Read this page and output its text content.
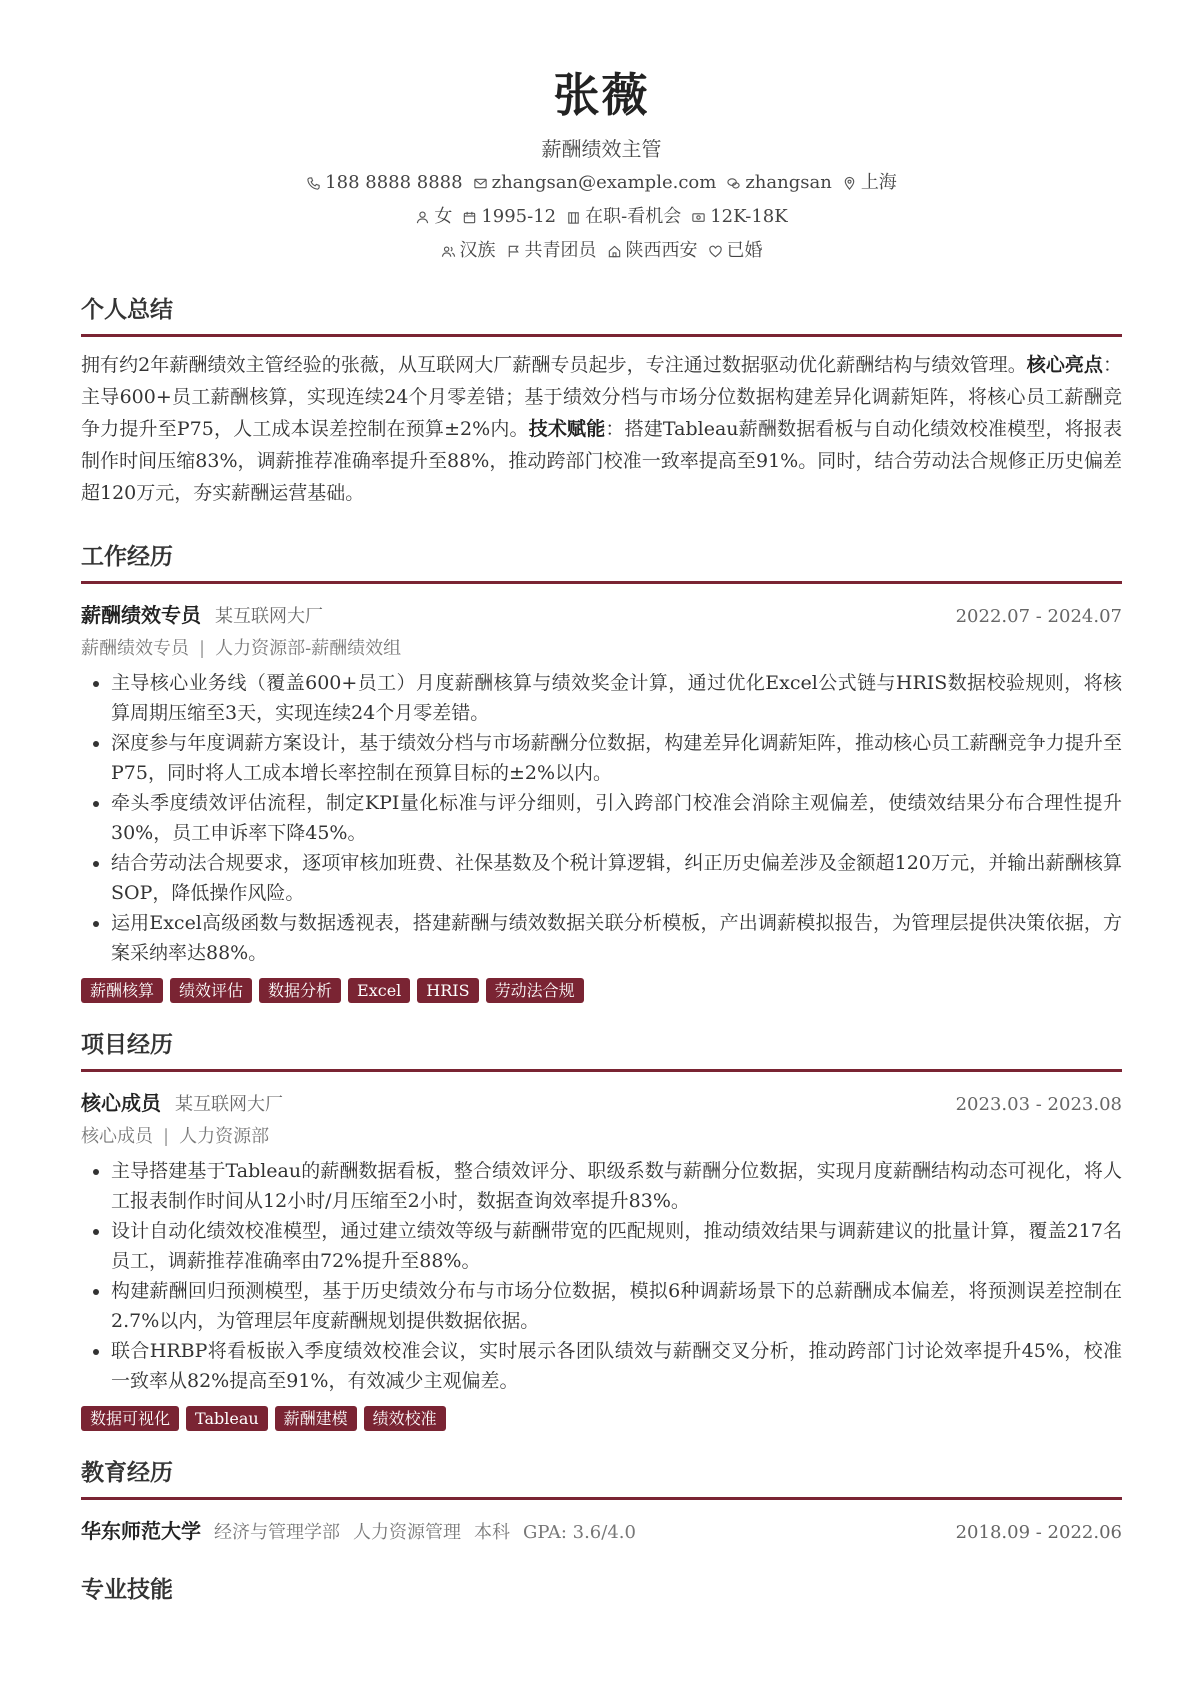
张薇
薪酬绩效主管
188 8888 8888 zhangsan@example.com zhangsan 上海
女 1995-12 在职-看机会 12K-18K
汉族 共青团员 陕西西安 已婚
个人总结
拥有约2年薪酬绩效主管经验的张薇，从互联网大厂薪酬专员起步，专注通过数据驱动优化薪酬结构与绩效管理。核心亮点：主导600+员工薪酬核算，实现连续24个月零差错；基于绩效分档与市场分位数据构建差异化调薪矩阵，将核心员工薪酬竞争力提升至P75，人工成本误差控制在预算±2%内。技术赋能：搭建Tableau薪酬数据看板与自动化绩效校准模型，将报表制作时间压缩83%，调薪推荐准确率提升至88%，推动跨部门校准一致率提高至91%。同时，结合劳动法合规修正历史偏差超120万元，夯实薪酬运营基础。
工作经历
薪酬绩效专员 某互联网大厂	2022.07 - 2024.07
薪酬绩效专员 | 人力资源部-薪酬绩效组
• 主导核心业务线（覆盖600+员工）月度薪酬核算与绩效奖金计算，通过优化Excel公式链与HRIS数据校验规则，将核算周期压缩至3天，实现连续24个月零差错。
• 深度参与年度调薪方案设计，基于绩效分档与市场薪酬分位数据，构建差异化调薪矩阵，推动核心员工薪酬竞争力提升至P75，同时将人工成本增长率控制在预算目标的±2%以内。
• 牵头季度绩效评估流程，制定KPI量化标准与评分细则，引入跨部门校准会消除主观偏差，使绩效结果分布合理性提升30%，员工申诉率下降45%。
• 结合劳动法合规要求，逐项审核加班费、社保基数及个税计算逻辑，纠正历史偏差涉及金额超120万元，并输出薪酬核算SOP，降低操作风险。
• 运用Excel高级函数与数据透视表，搭建薪酬与绩效数据关联分析模板，产出调薪模拟报告，为管理层提供决策依据，方案采纳率达88%。
薪酬核算	绩效评估	数据分析	Excel	HRIS	劳动法合规
项目经历
核心成员 某互联网大厂	2023.03 - 2023.08
核心成员 | 人力资源部
• 主导搭建基于Tableau的薪酬数据看板，整合绩效评分、职级系数与薪酬分位数据，实现月度薪酬结构动态可视化，将人工报表制作时间从12小时/月压缩至2小时，数据查询效率提升83%。
• 设计自动化绩效校准模型，通过建立绩效等级与薪酬带宽的匹配规则，推动绩效结果与调薪建议的批量计算，覆盖217名员工，调薪推荐准确率由72%提升至88%。
• 构建薪酬回归预测模型，基于历史绩效分布与市场分位数据，模拟6种调薪场景下的总薪酬成本偏差，将预测误差控制在2.7%以内，为管理层年度薪酬规划提供数据依据。
• 联合HRBP将看板嵌入季度绩效校准会议，实时展示各团队绩效与薪酬交叉分析，推动跨部门讨论效率提升45%，校准一致率从82%提高至91%，有效减少主观偏差。
数据可视化	Tableau	薪酬建模	绩效校准
教育经历
华东师范大学 经济与管理学部 人力资源管理 本科 GPA: 3.6/4.0	2018.09 - 2022.06
专业技能
